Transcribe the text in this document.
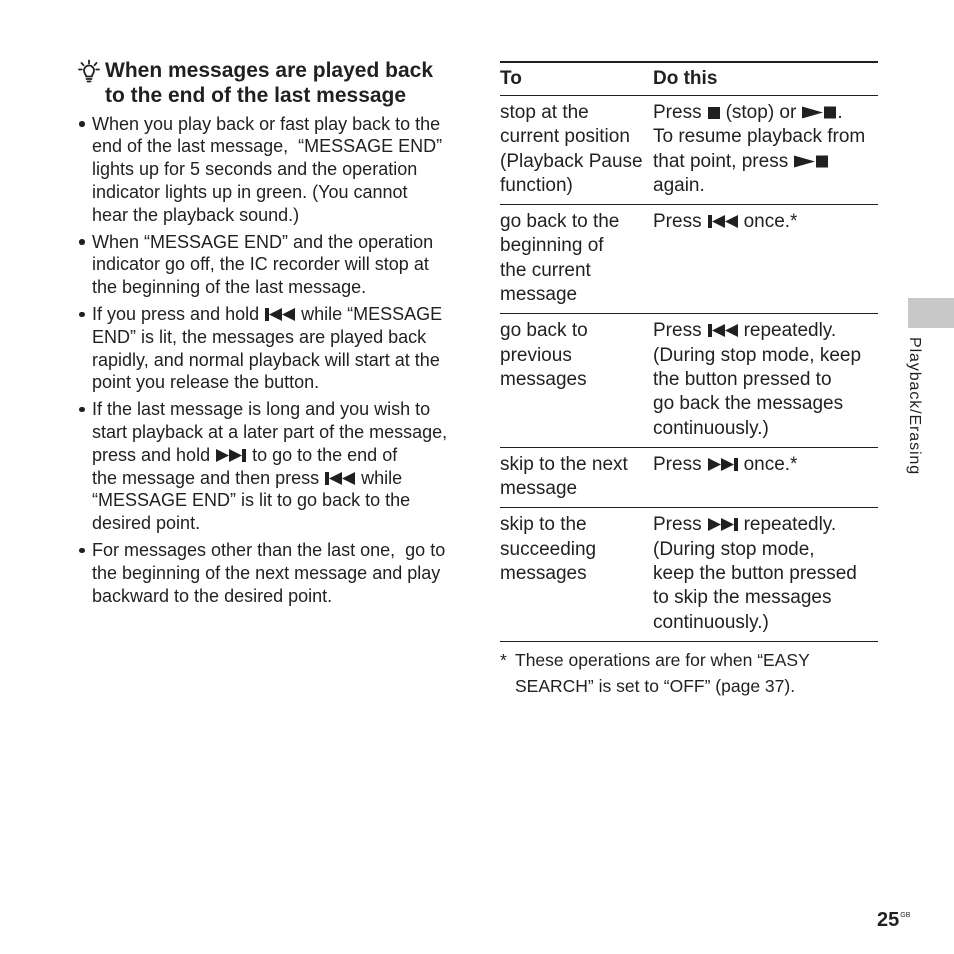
When messages are played back
to the end of the last message
When you play back or fast play back to the
end of the last message,  “MESSAGE END”
lights up for 5 seconds and the operation
indicator lights up in green. (You cannot
hear the playback sound.)
When “MESSAGE END” and the operation
indicator go off, the IC recorder will stop at
the beginning of the last message.
If you press and hold while “MESSAGE
END” is lit, the messages are played back
rapidly, and normal playback will start at the
point you release the button.
If the last message is long and you wish to
start playback at a later part of the message,
press and hold to go to the end of
the message and then press while
“MESSAGE END” is lit to go back to the
desired point.
For messages other than the last one,  go to
the beginning of the next message and play
backward to the desired point.
To	Do this
stop at the
current position
(Playback Pause
function)
Press (stop) or .
To resume playback from
that point, press
again.
go back to the
beginning of
the current
message
Press once.*
go back to
previous
messages
Press repeatedly.
(During stop mode, keep
the button pressed to
go back the messages
continuously.)
skip to the next
message
Press once.*
skip to the
succeeding
messages
Press repeatedly.
(During stop mode,
keep the button pressed
to skip the messages
continuously.)
* These operations are for when “EASY
SEARCH” is set to “OFF” (page 37).
Playback/Erasing
$25^{GB}$
